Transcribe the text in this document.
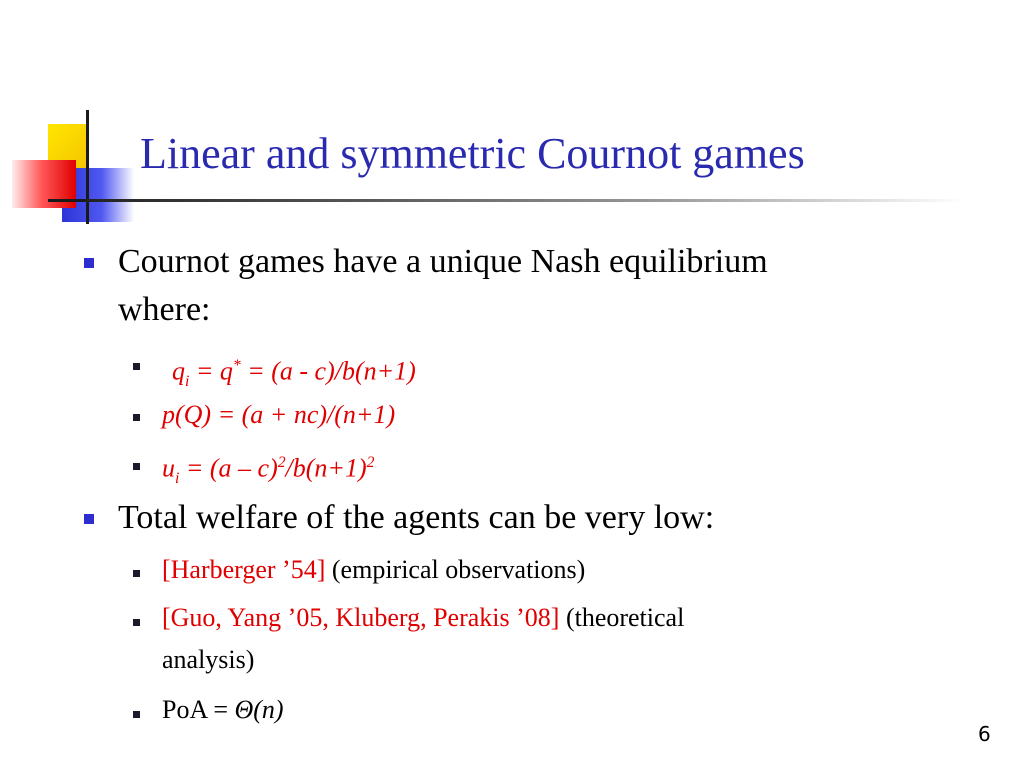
Linear and symmetric Cournot games
Cournot games have a unique Nash equilibrium
where:
$q_i = q^* = (a - c)/b(n+1)$
p(Q) = (a + nc)/(n+1)
$u_i = (a - c)^2/b(n+1)^2$
Total welfare of the agents can be very low:
[Harberger ’54] (empirical observations)
[Guo, Yang ’05, Kluberg, Perakis ’08] (theoretical
analysis)
PoA = Θ(n)
6
